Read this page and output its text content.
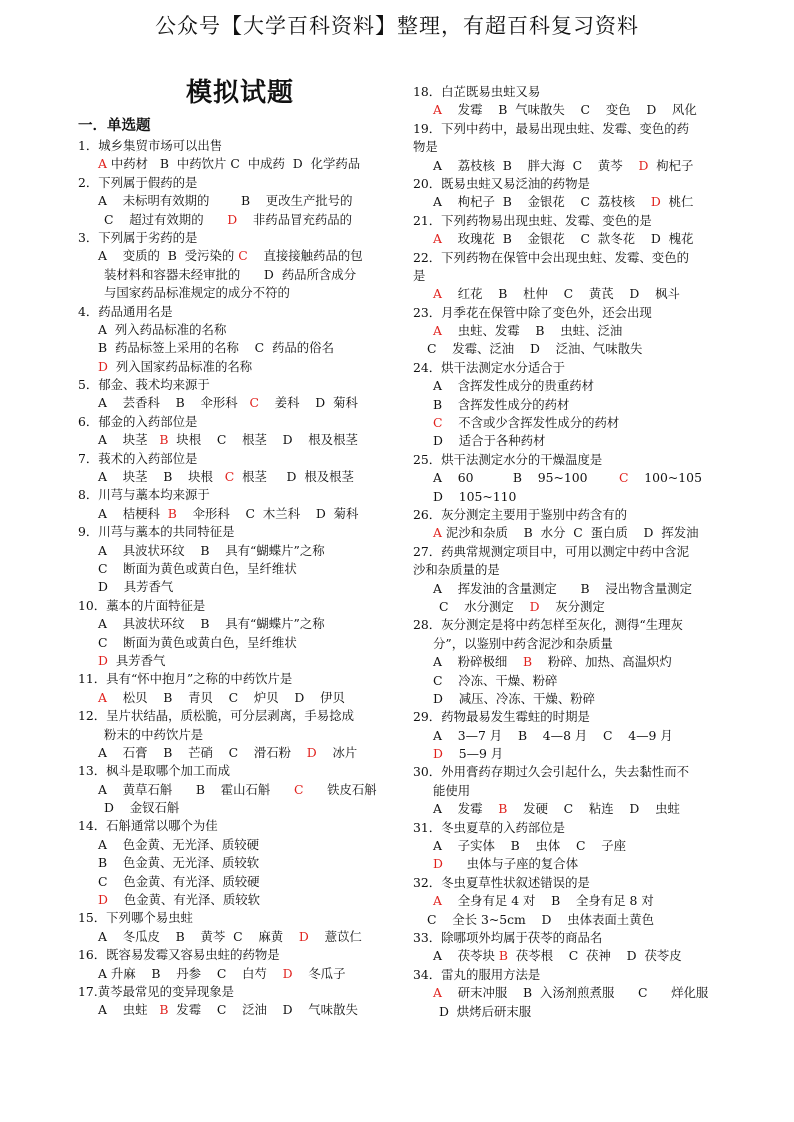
公众号【大学百科资料】整理，有超百科复习资料
模拟试题
一．单选题
1．城乡集贸市场可以出售
A 中药材   B  中药饮片 C  中成药  D  化学药品
2．下列属于假药的是
A    未标明有效期的        B    更改生产批号的
C    超过有效期的      D    非药品冒充药品的
3．下列属于劣药的是
A    变质的  B  受污染的 C    直接接触药品的包
装材料和容器未经审批的      D  药品所含成分
与国家药品标准规定的成分不符的
4．药品通用名是
A  列入药品标准的名称
B  药品标签上采用的名称    C  药品的俗名
D  列入国家药品标准的名称
5．郁金、莪术均来源于
A    芸香科    B    伞形科   C    姜科    D  菊科
6．郁金的入药部位是
A    块茎   B  块根    C    根茎    D    根及根茎
7．莪术的入药部位是
A    块茎    B    块根   C  根茎     D  根及根茎
8．川芎与藁本均来源于
A    桔梗科  B    伞形科    C  木兰科    D  菊科
9．川芎与藁本的共同特征是
A    具波状环纹    B    具有“蝴蝶片”之称
C    断面为黄色或黄白色，呈纤维状
D    具芳香气
10．藁本的片面特征是
A    具波状环纹    B    具有“蝴蝶片”之称
C    断面为黄色或黄白色，呈纤维状
D  具芳香气
11．具有“怀中抱月”之称的中药饮片是
A    松贝    B    青贝    C    炉贝    D    伊贝
12．呈片状结晶，质松脆，可分层剥离，手易捻成
粉末的中药饮片是
A    石膏    B    芒硝    C    滑石粉    D    冰片
13．枫斗是取哪个加工而成
A    黄草石斛      B    霍山石斛      C      铁皮石斛
D    金钗石斛
14．石斛通常以哪个为佳
A    色金黄、无光泽、质较硬
B    色金黄、无光泽、质较软
C    色金黄、有光泽、质较硬
D    色金黄、有光泽、质较软
15．下列哪个易虫蛀
A    冬瓜皮    B    黄芩  C    麻黄    D    薏苡仁
16．既容易发霉又容易虫蛀的药物是
A 升麻    B    丹参    C    白芍    D    冬瓜子
17.黄芩最常见的变异现象是
A    虫蛀   B  发霉    C    泛油    D    气味散失
18．白芷既易虫蛀又易
A    发霉    B  气味散失    C    变色    D    风化
19．下列中药中，最易出现虫蛀、发霉、变色的药
物是
A    荔枝核  B    胖大海  C    黄芩    D  枸杞子
20．既易虫蛀又易泛油的药物是
A    枸杞子  B    金银花    C  荔枝核    D  桃仁
21．下列药物易出现虫蛀、发霉、变色的是
A    玫瑰花  B    金银花    C  款冬花    D  槐花
22．下列药物在保管中会出现虫蛀、发霉、变色的
是
A    红花    B    杜仲    C    黄芪    D    枫斗
23．月季花在保管中除了变色外，还会出现
A    虫蛀、发霉    B    虫蛀、泛油
C    发霉、泛油    D    泛油、气味散失
24．烘干法测定水分适合于
A    含挥发性成分的贵重药材
B    含挥发性成分的药材
C    不含或少含挥发性成分的药材
D    适合于各种药材
25．烘干法测定水分的干燥温度是
A    60          B    95~100        C    100~105
D    105~110
26．灰分测定主要用于鉴别中药含有的
A 泥沙和杂质    B  水分  C  蛋白质    D  挥发油
27．药典常规测定项目中，可用以测定中药中含泥
沙和杂质量的是
A    挥发油的含量测定      B    浸出物含量测定
C    水分测定    D    灰分测定
28．灰分测定是将中药怎样至灰化，测得“生理灰
分”，以鉴别中药含泥沙和杂质量
A    粉碎极细    B    粉碎、加热、高温炽灼
C    冷冻、干燥、粉碎
D    减压、冷冻、干燥、粉碎
29．药物最易发生霉蛀的时期是
A    3—7 月    B    4—8 月    C    4—9 月
D    5—9 月
30．外用膏药存期过久会引起什么，失去黏性而不
能使用
A    发霉    B    发硬    C    粘连    D    虫蛀
31．冬虫夏草的入药部位是
A    子实体    B    虫体    C    子座
D      虫体与子座的复合体
32．冬虫夏草性状叙述错误的是
A    全身有足 4 对    B    全身有足 8 对
C    全长 3~5cm    D    虫体表面土黄色
33．除哪项外均属于茯苓的商品名
A    茯苓块 B  茯苓根    C  茯神    D  茯苓皮
34．雷丸的服用方法是
A    研末冲服    B  入汤剂煎煮服      C      烊化服
D  烘烤后研末服
